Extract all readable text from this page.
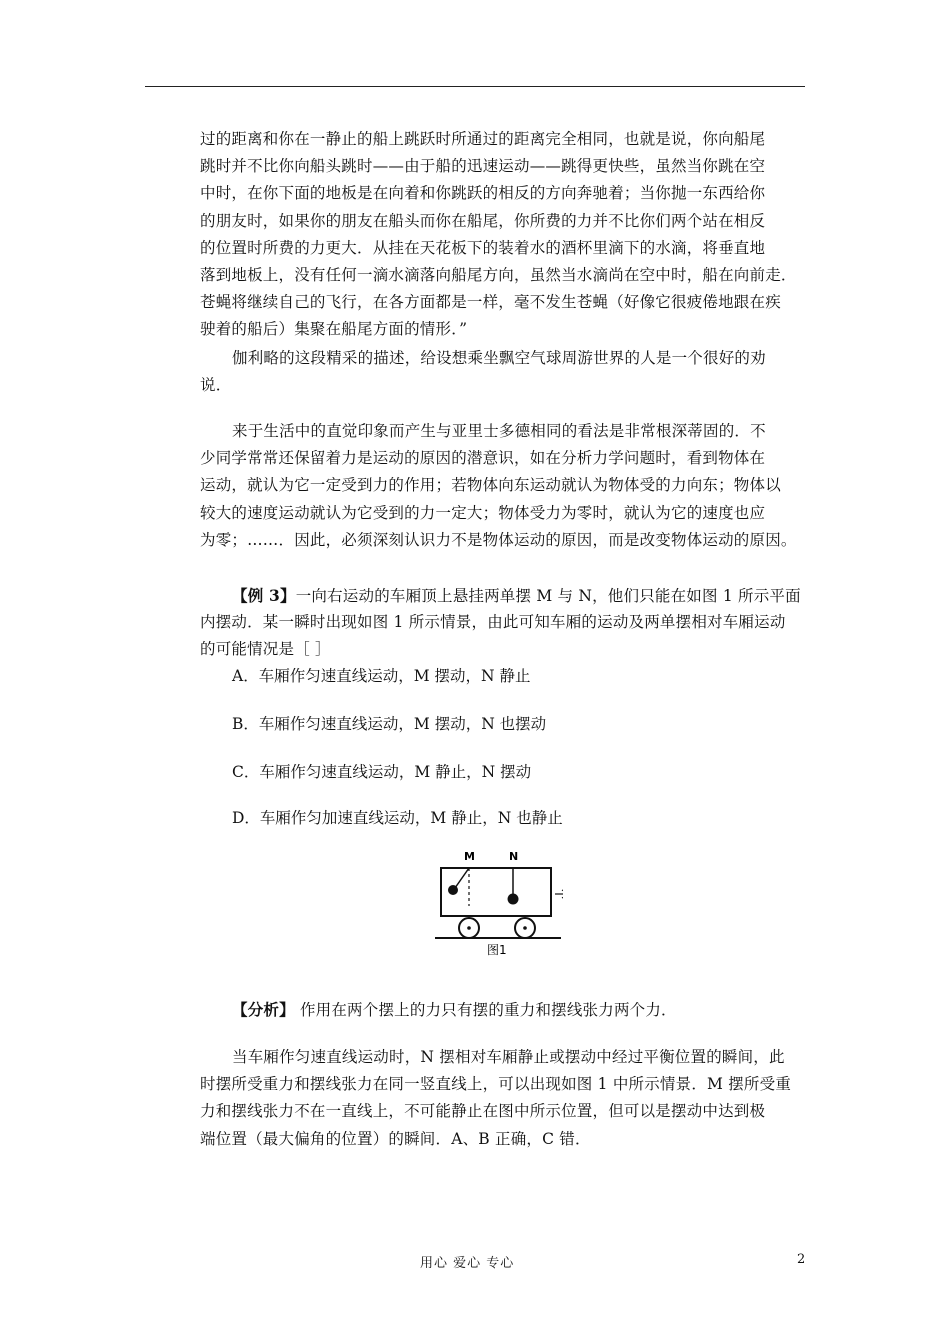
过的距离和你在一静止的船上跳跃时所通过的距离完全相同，也就是说，你向船尾
跳时并不比你向船头跳时——由于船的迅速运动——跳得更快些，虽然当你跳在空
中时，在你下面的地板是在向着和你跳跃的相反的方向奔驰着；当你抛一东西给你
的朋友时，如果你的朋友在船头而你在船尾，你所费的力并不比你们两个站在相反
的位置时所费的力更大．从挂在天花板下的装着水的酒杯里滴下的水滴，将垂直地
落到地板上，没有任何一滴水滴落向船尾方向，虽然当水滴尚在空中时，船在向前走．
苍蝇将继续自己的飞行，在各方面都是一样，毫不发生苍蝇（好像它很疲倦地跟在疾
驶着的船后）集聚在船尾方面的情形．”
伽利略的这段精采的描述，给设想乘坐飘空气球周游世界的人是一个很好的劝
说．
来于生活中的直觉印象而产生与亚里士多德相同的看法是非常根深蒂固的．不
少同学常常还保留着力是运动的原因的潜意识，如在分析力学问题时，看到物体在
运动，就认为它一定受到力的作用；若物体向东运动就认为物体受的力向东；物体以
较大的速度运动就认为它受到的力一定大；物体受力为零时，就认为它的速度也应
为零；……．因此，必须深刻认识力不是物体运动的原因，而是改变物体运动的原因。
【例 3】一向右运动的车厢顶上悬挂两单摆 M 与 N，他们只能在如图 1 所示平面
内摆动．某一瞬时出现如图 1 所示情景，由此可知车厢的运动及两单摆相对车厢运动
的可能情况是［ ］
A．车厢作匀速直线运动，M 摆动，N 静止
B．车厢作匀速直线运动，M 摆动，N 也摆动
C．车厢作匀速直线运动，M 静止，N 摆动
D．车厢作匀加速直线运动，M 静止，N 也静止
M	N
图1
【分析】 作用在两个摆上的力只有摆的重力和摆线张力两个力．
当车厢作匀速直线运动时，N 摆相对车厢静止或摆动中经过平衡位置的瞬间，此
时摆所受重力和摆线张力在同一竖直线上，可以出现如图 1 中所示情景．M 摆所受重
力和摆线张力不在一直线上，不可能静止在图中所示位置，但可以是摆动中达到极
端位置（最大偏角的位置）的瞬间．A、B 正确，C 错．
用心 爱心 专心	2
